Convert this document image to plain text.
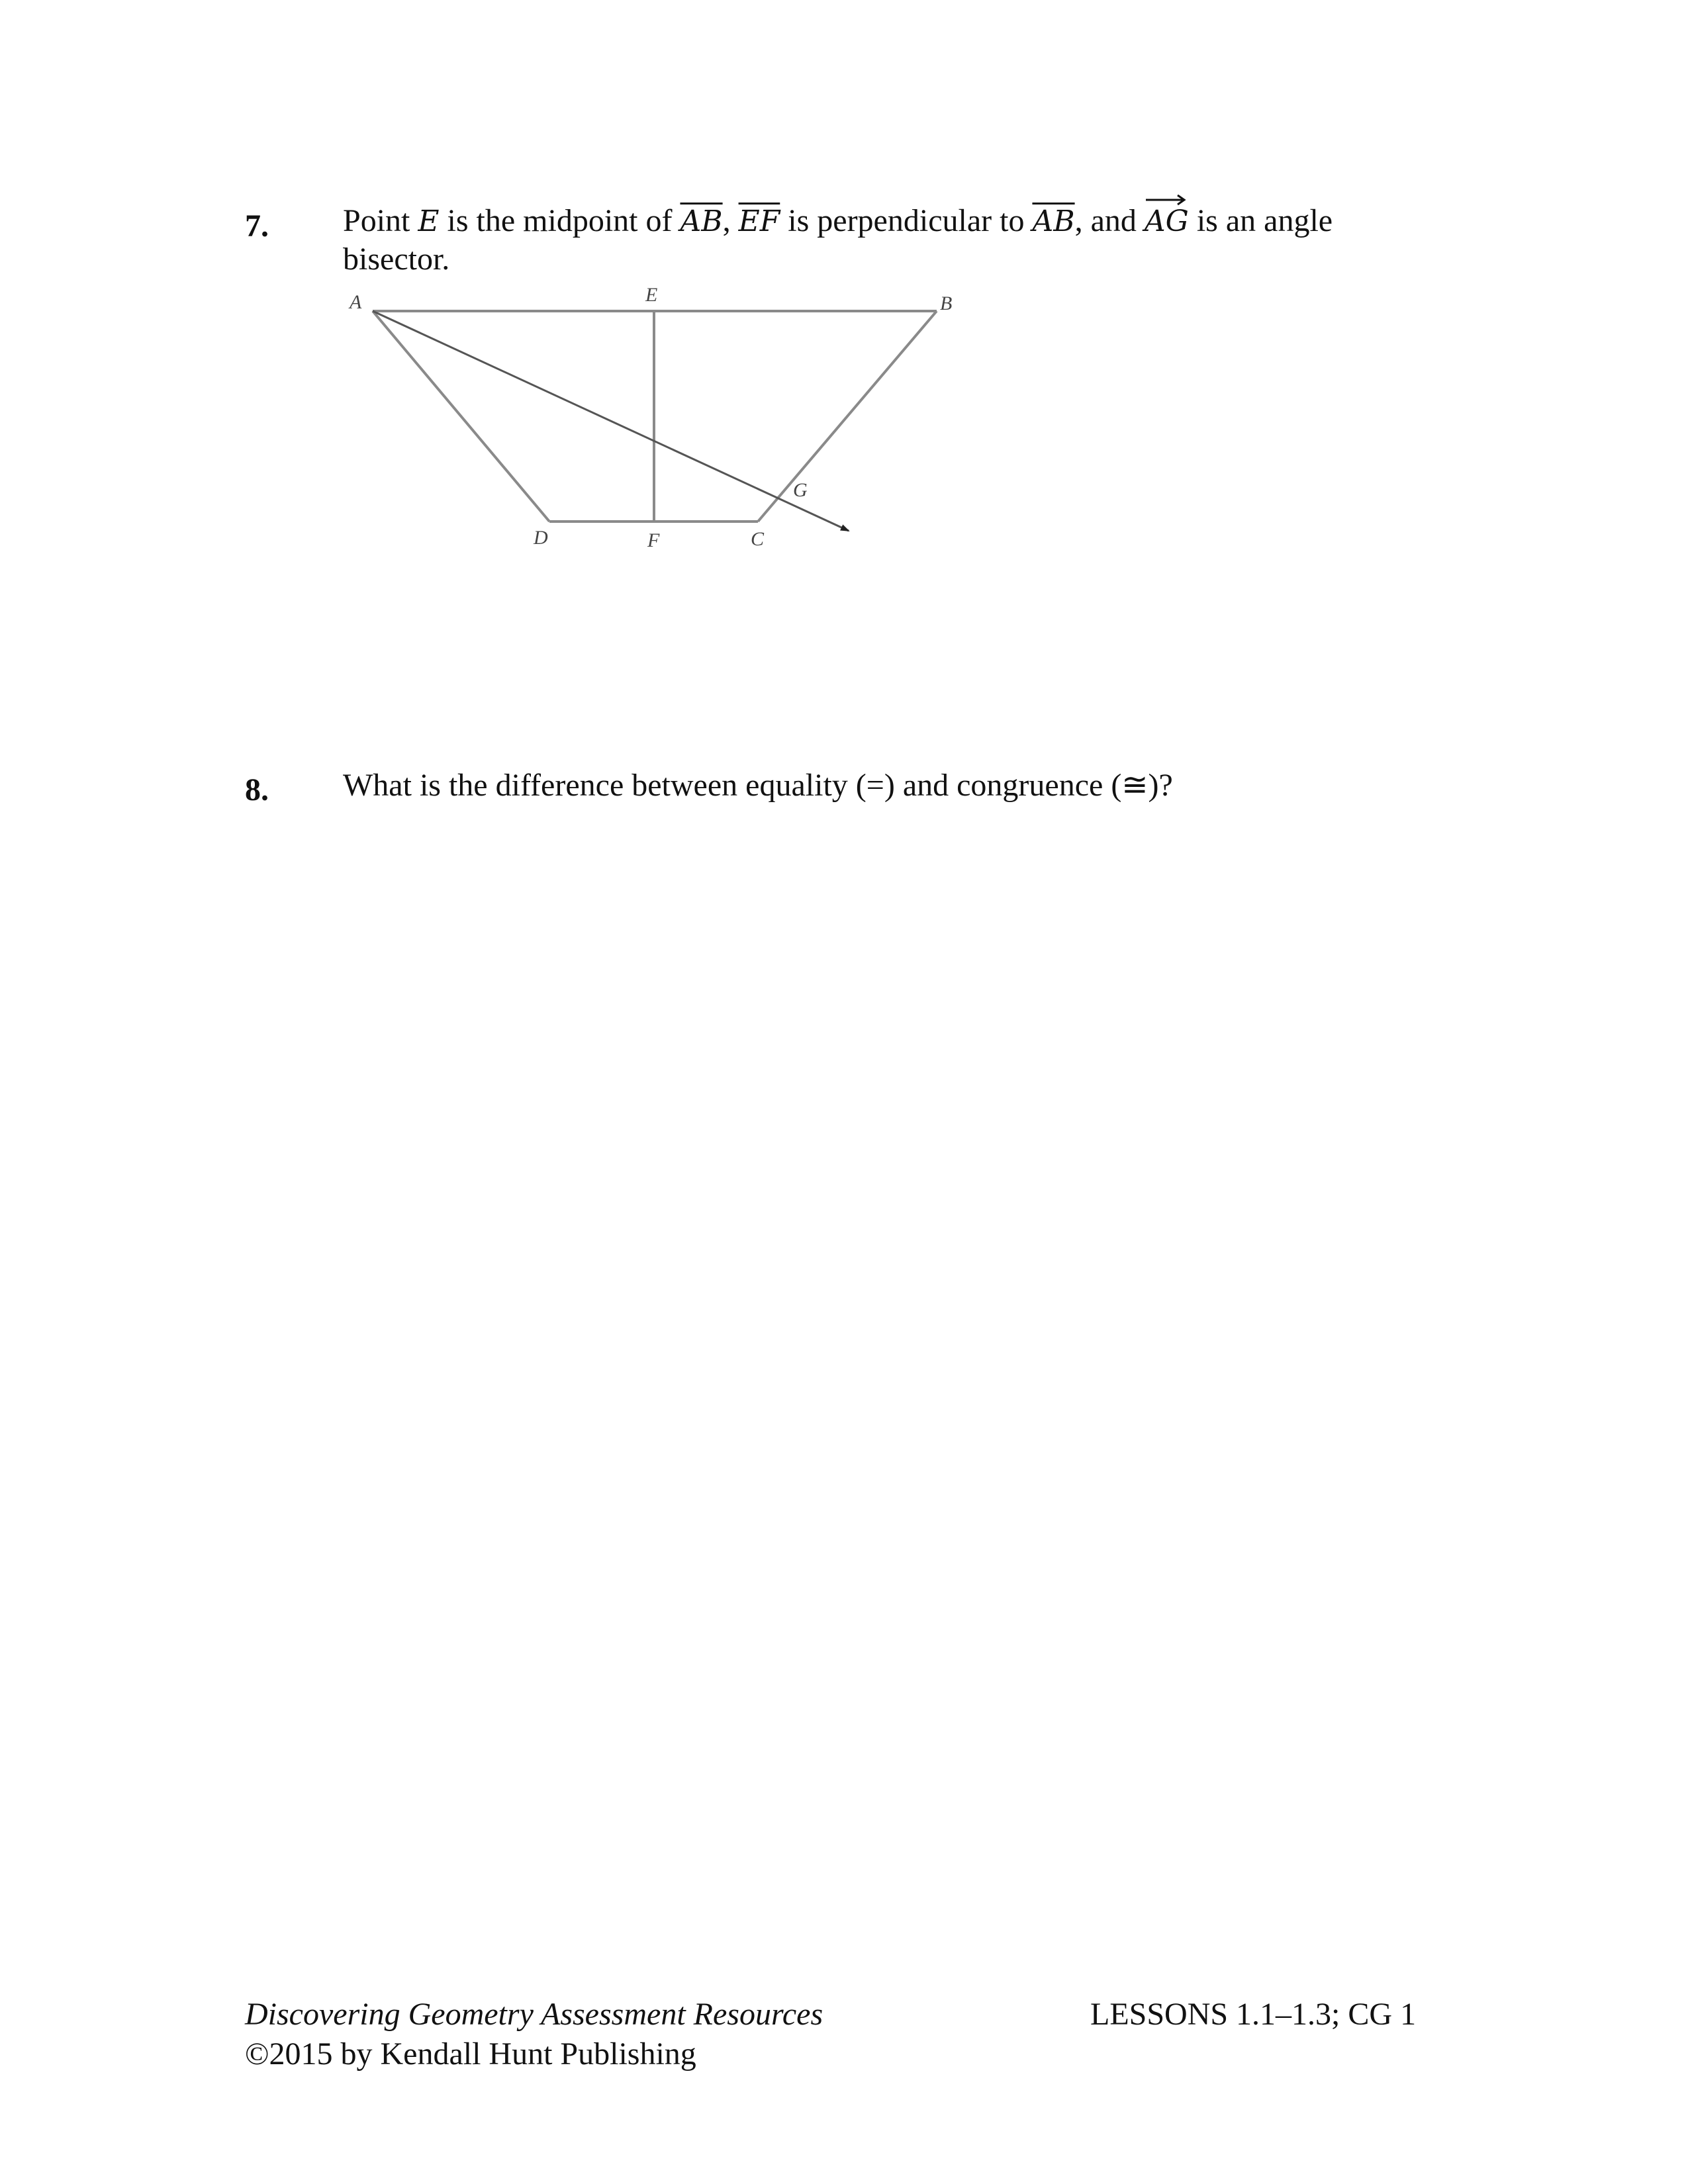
7. Point E is the midpoint of $\overline{AB}$, $\overline{EF}$ is perpendicular to $\overline{AB}$, and
AG is an angle
bisector.
A	E	B
G
D	F	C
8. What is the difference between equality (=) and congruence (≅)?
Discovering Geometry Assessment Resources
©2015 by Kendall Hunt Publishing
LESSONS 1.1–1.3; CG 1
